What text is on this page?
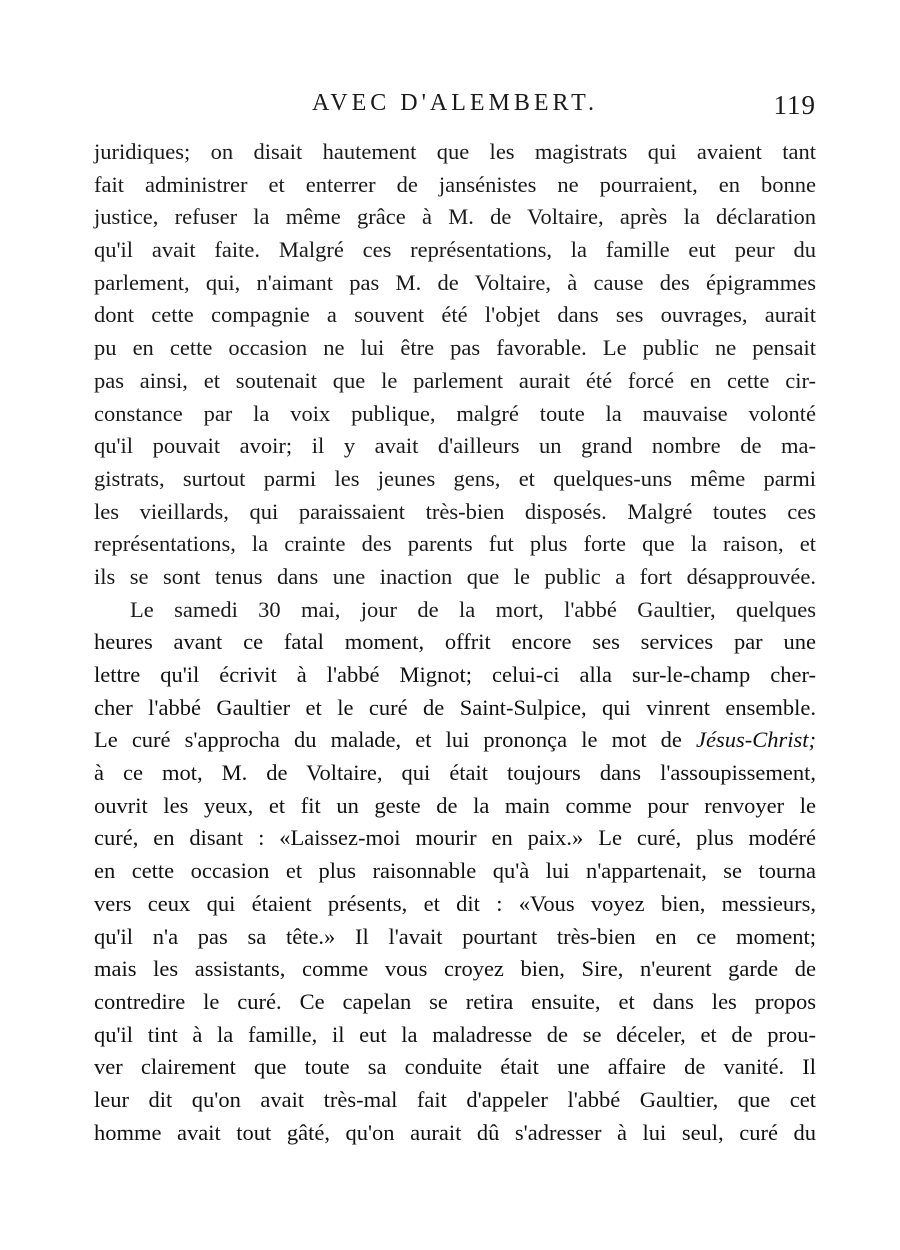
AVEC D'ALEMBERT.	119
juridiques; on disait hautement que les magistrats qui avaient tant
fait administrer et enterrer de jansénistes ne pourraient, en bonne
justice, refuser la même grâce à M. de Voltaire, après la déclaration
qu'il avait faite. Malgré ces représentations, la famille eut peur du
parlement, qui, n'aimant pas M. de Voltaire, à cause des épigrammes
dont cette compagnie a souvent été l'objet dans ses ouvrages, aurait
pu en cette occasion ne lui être pas favorable. Le public ne pensait
pas ainsi, et soutenait que le parlement aurait été forcé en cette cir-
constance par la voix publique, malgré toute la mauvaise volonté
qu'il pouvait avoir; il y avait d'ailleurs un grand nombre de ma-
gistrats, surtout parmi les jeunes gens, et quelques-uns même parmi
les vieillards, qui paraissaient très-bien disposés. Malgré toutes ces
représentations, la crainte des parents fut plus forte que la raison, et
ils se sont tenus dans une inaction que le public a fort désapprouvée.
Le samedi 30 mai, jour de la mort, l'abbé Gaultier, quelques
heures avant ce fatal moment, offrit encore ses services par une
lettre qu'il écrivit à l'abbé Mignot; celui-ci alla sur-le-champ cher-
cher l'abbé Gaultier et le curé de Saint-Sulpice, qui vinrent ensemble.
Le curé s'approcha du malade, et lui prononça le mot de Jésus-Christ;
à ce mot, M. de Voltaire, qui était toujours dans l'assoupissement,
ouvrit les yeux, et fit un geste de la main comme pour renvoyer le
curé, en disant : «Laissez-moi mourir en paix.» Le curé, plus modéré
en cette occasion et plus raisonnable qu'à lui n'appartenait, se tourna
vers ceux qui étaient présents, et dit : «Vous voyez bien, messieurs,
qu'il n'a pas sa tête.» Il l'avait pourtant très-bien en ce moment;
mais les assistants, comme vous croyez bien, Sire, n'eurent garde de
contredire le curé. Ce capelan se retira ensuite, et dans les propos
qu'il tint à la famille, il eut la maladresse de se déceler, et de prou-
ver clairement que toute sa conduite était une affaire de vanité. Il
leur dit qu'on avait très-mal fait d'appeler l'abbé Gaultier, que cet
homme avait tout gâté, qu'on aurait dû s'adresser à lui seul, curé du
